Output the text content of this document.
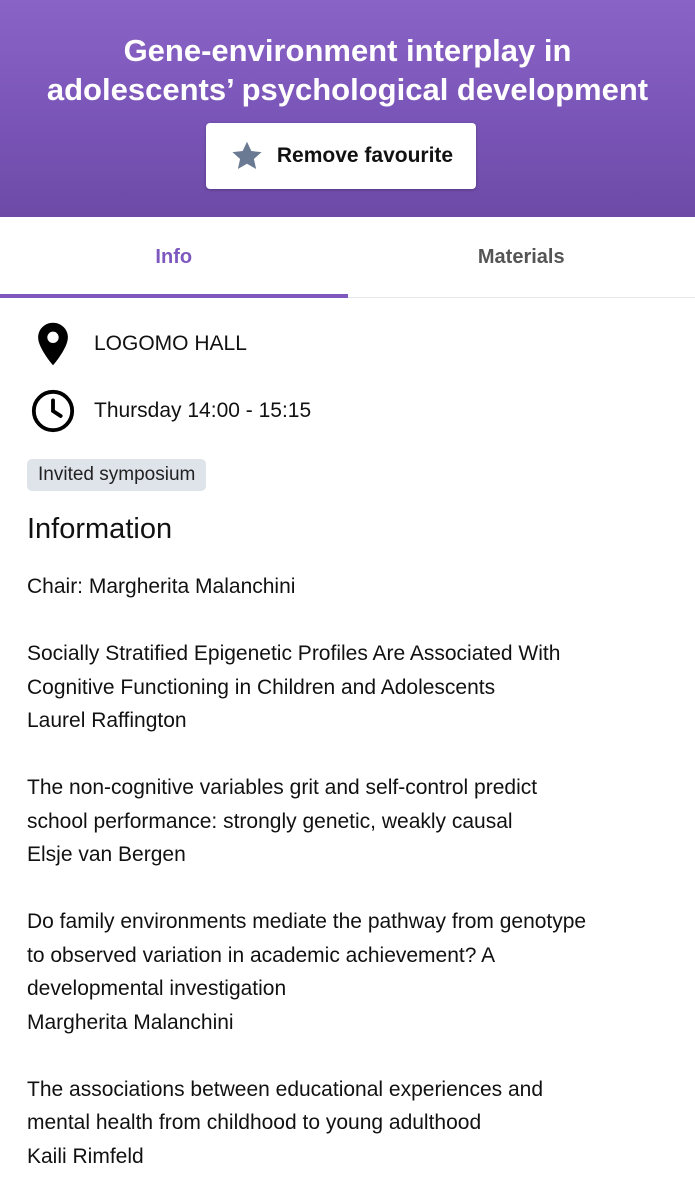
Gene-environment interplay in
adolescents’ psychological development
Remove favourite
Info	Materials
LOGOMO HALL
Thursday 14:00 - 15:15
Invited symposium
Information

Chair: Margherita Malanchini

Socially Stratified Epigenetic Profiles Are Associated With

Cognitive Functioning in Children and Adolescents

Laurel Raffington

The non-cognitive variables grit and self-control predict

school performance: strongly genetic, weakly causal

Elsje van Bergen

Do family environments mediate the pathway from genotype

to observed variation in academic achievement? A

developmental investigation

Margherita Malanchini

The associations between educational experiences and

mental health from childhood to young adulthood

Kaili Rimfeld
